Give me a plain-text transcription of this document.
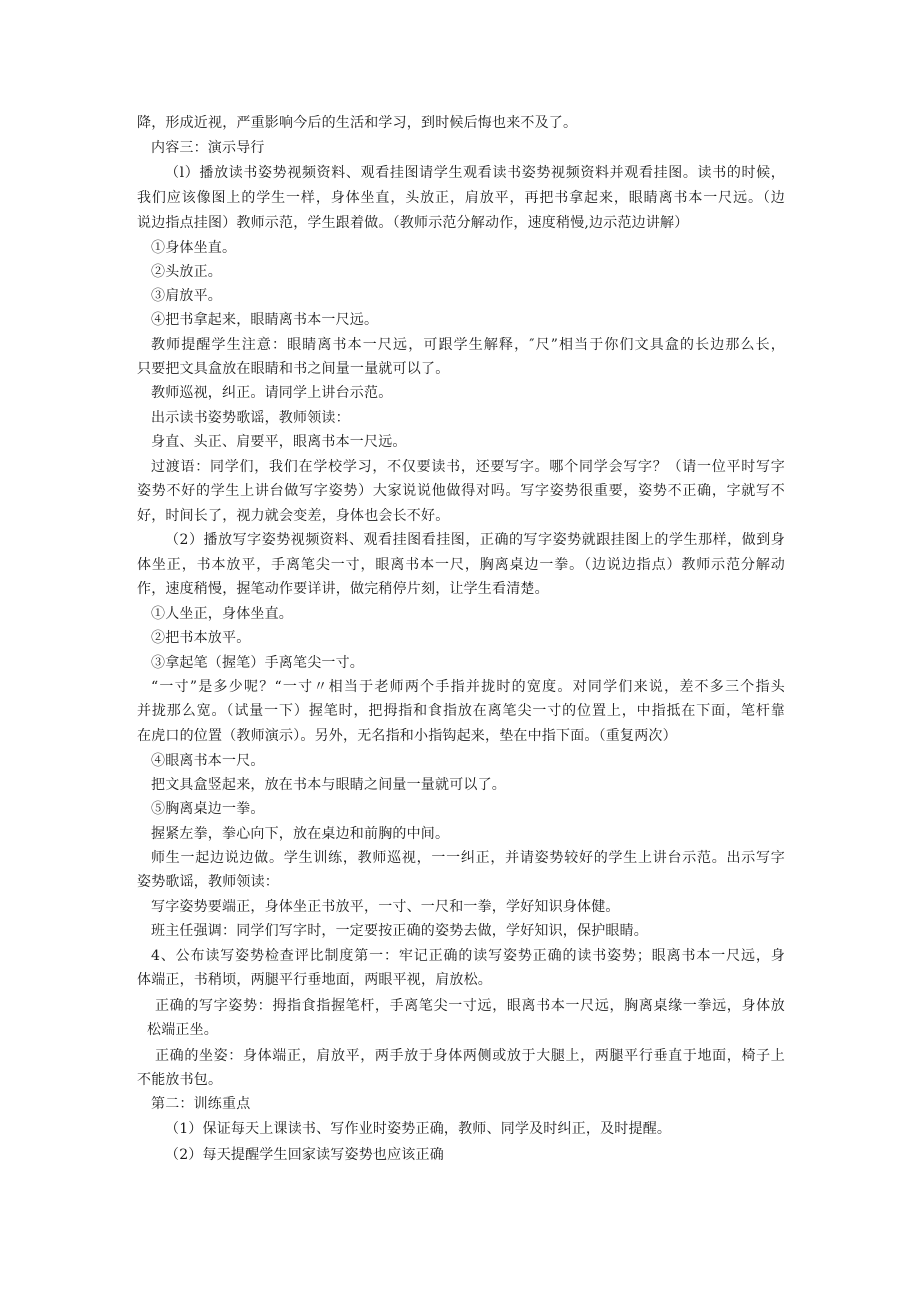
降，形成近视，严重影响今后的生活和学习，到时候后悔也来不及了。
内容三：演示导行
（l）播放读书姿势视频资料、观看挂图请学生观看读书姿势视频资料并观看挂图。读书的时候，
我们应该像图上的学生一样，身体坐直，头放正，肩放平，再把书拿起来，眼睛离书本一尺远。（边
说边指点挂图）教师示范，学生跟着做。（教师示范分解动作，速度稍慢,边示范边讲解）
①身体坐直。
②头放正。
③肩放平。
④把书拿起来，眼睛离书本一尺远。
教师提醒学生注意：眼睛离书本一尺远，可跟学生解释，″尺”相当于你们文具盒的长边那么长，
只要把文具盒放在眼睛和书之间量一量就可以了。
教师巡视，纠正。请同学上讲台示范。
出示读书姿势歌谣，教师领读：
身直、头正、肩要平，眼离书本一尺远。
过渡语：同学们，我们在学校学习，不仅要读书，还要写字。哪个同学会写字？（请一位平时写字
姿势不好的学生上讲台做写字姿势）大家说说他做得对吗。写字姿势很重要，姿势不正确，字就写不
好，时间长了，视力就会变差，身体也会长不好。
（2）播放写字姿势视频资料、观看挂图看挂图，正确的写字姿势就跟挂图上的学生那样，做到身
体坐正，书本放平，手离笔尖一寸，眼离书本一尺，胸离桌边一拳。（边说边指点）教师示范分解动
作，速度稍慢，握笔动作要详讲，做完稍停片刻，让学生看清楚。
①人坐正，身体坐直。
②把书本放平。
③拿起笔（握笔）手离笔尖一寸。
“一寸”是多少呢？“一寸〃相当于老师两个手指并拢时的宽度。对同学们来说，差不多三个指头
并拢那么宽。（试量一下）握笔时，把拇指和食指放在离笔尖一寸的位置上，中指抵在下面，笔杆靠
在虎口的位置（教师演示）。另外，无名指和小指钩起来，垫在中指下面。（重复两次）
④眼离书本一尺。
把文具盒竖起来，放在书本与眼睛之间量一量就可以了。
⑤胸离桌边一拳。
握紧左拳，拳心向下，放在桌边和前胸的中间。
师生一起边说边做。学生训练，教师巡视，一一纠正，并请姿势较好的学生上讲台示范。出示写字
姿势歌谣，教师领读：
写字姿势要端正，身体坐正书放平，一寸、一尺和一拳，学好知识身体健。
班主任强调：同学们写字时，一定要按正确的姿势去做，学好知识，保护眼睛。
4、公布读写姿势检查评比制度第一：牢记正确的读写姿势正确的读书姿势；眼离书本一尺远，身
体端正，书稍顷，两腿平行垂地面，两眼平视，肩放松。
正确的写字姿势：拇指食指握笔杆，手离笔尖一寸远，眼离书本一尺远，胸离桌缘一拳远，身体放
松端正坐。
正确的坐姿：身体端正，肩放平，两手放于身体两侧或放于大腿上，两腿平行垂直于地面，椅子上
不能放书包。
第二：训练重点
（1）保证每天上课读书、写作业时姿势正确，教师、同学及时纠正，及时提醒。
（2）每天提醒学生回家读写姿势也应该正确
